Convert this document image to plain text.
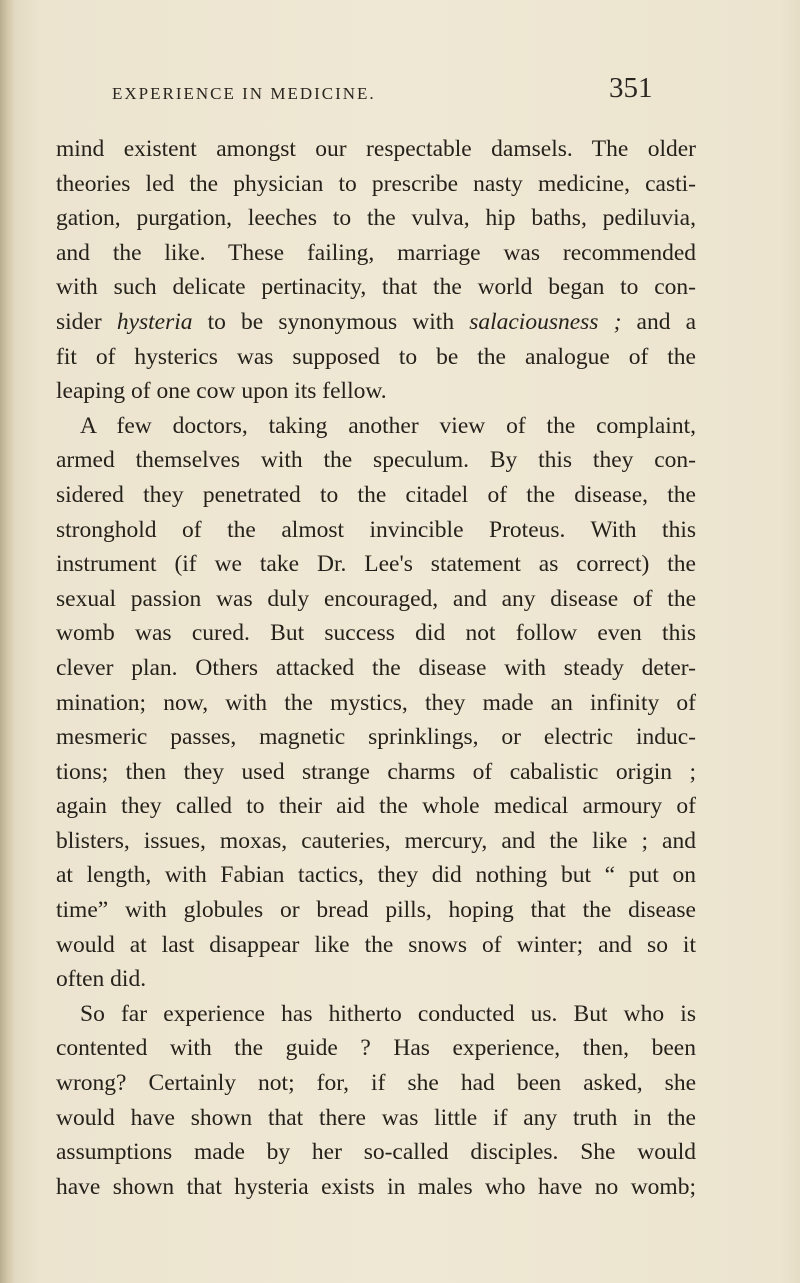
EXPERIENCE IN MEDICINE.	351
mind existent amongst our respectable damsels. The older
theories led the physician to prescribe nasty medicine, casti-
gation, purgation, leeches to the vulva, hip baths, pediluvia,
and the like. These failing, marriage was recommended
with such delicate pertinacity, that the world began to con-
sider hysteria to be synonymous with salaciousness ; and a
fit of hysterics was supposed to be the analogue of the
leaping of one cow upon its fellow.
A few doctors, taking another view of the complaint,
armed themselves with the speculum. By this they con-
sidered they penetrated to the citadel of the disease, the
stronghold of the almost invincible Proteus. With this
instrument (if we take Dr. Lee's statement as correct) the
sexual passion was duly encouraged, and any disease of the
womb was cured. But success did not follow even this
clever plan. Others attacked the disease with steady deter-
mination; now, with the mystics, they made an infinity of
mesmeric passes, magnetic sprinklings, or electric induc-
tions; then they used strange charms of cabalistic origin ;
again they called to their aid the whole medical armoury of
blisters, issues, moxas, cauteries, mercury, and the like ; and
at length, with Fabian tactics, they did nothing but “ put on
time” with globules or bread pills, hoping that the disease
would at last disappear like the snows of winter; and so it
often did.
So far experience has hitherto conducted us. But who is
contented with the guide ? Has experience, then, been
wrong? Certainly not; for, if she had been asked, she
would have shown that there was little if any truth in the
assumptions made by her so-called disciples. She would
have shown that hysteria exists in males who have no womb;
